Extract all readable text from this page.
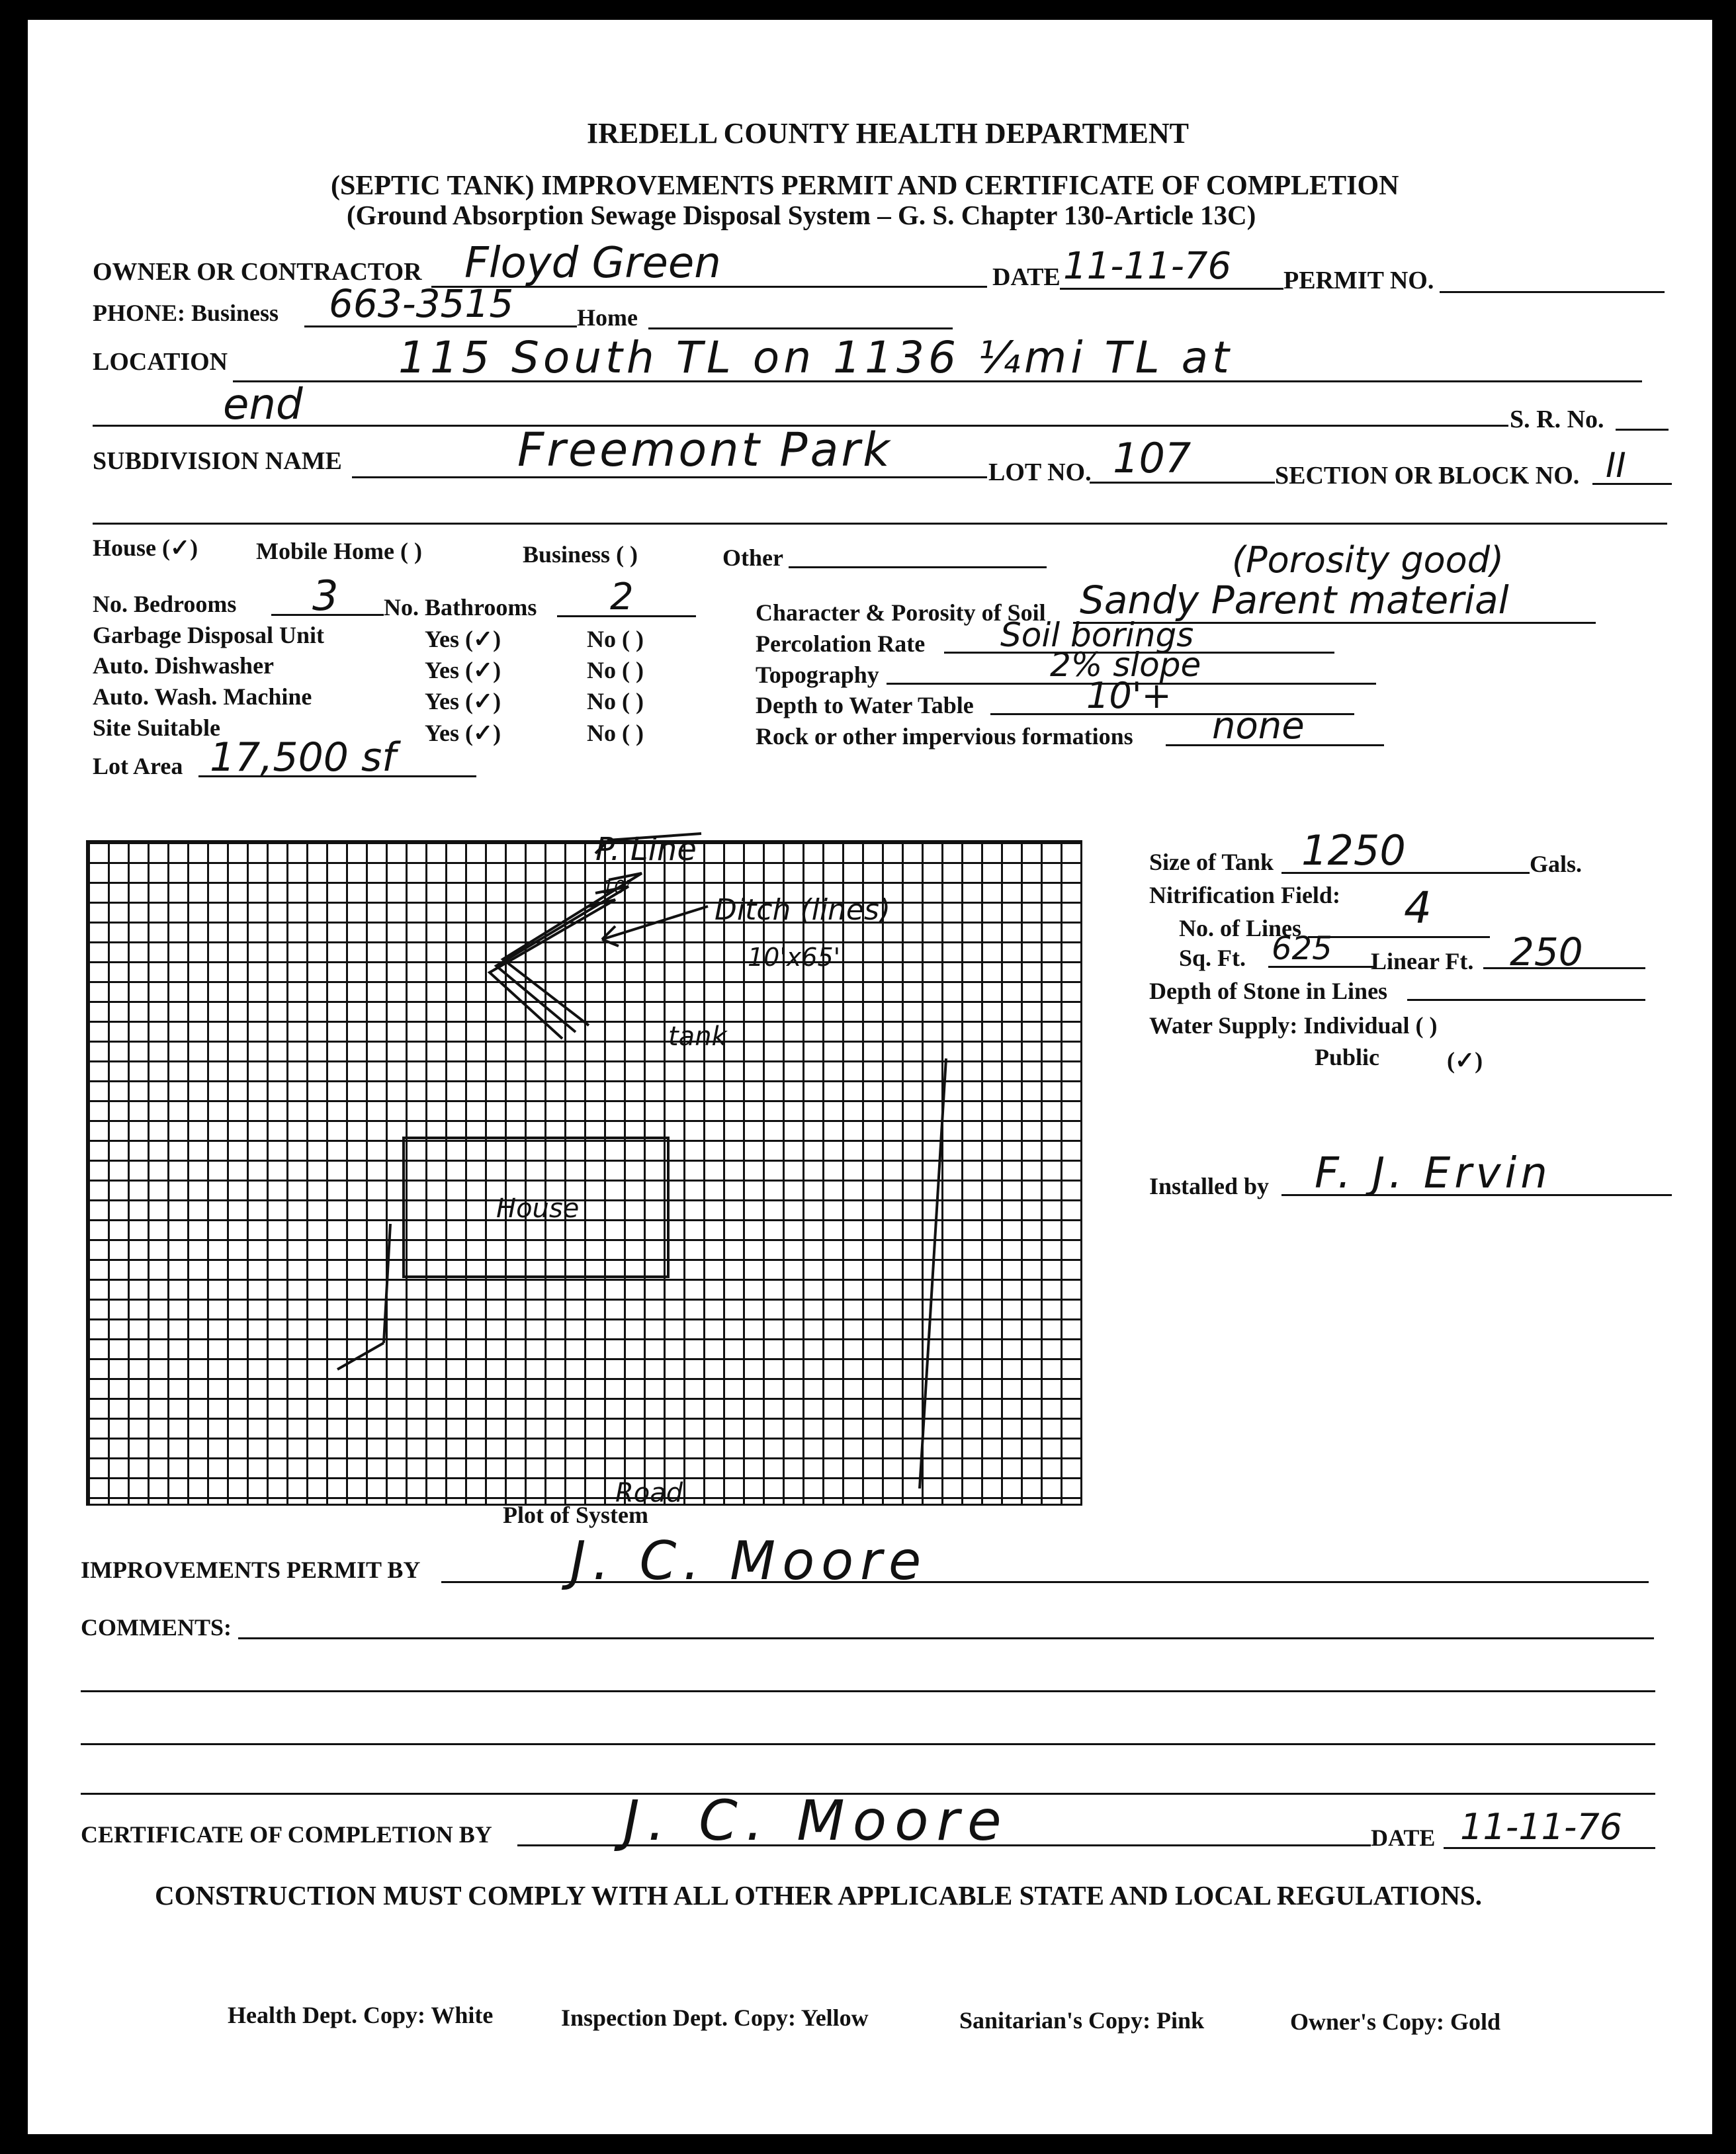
IREDELL COUNTY HEALTH DEPARTMENT
(SEPTIC TANK) IMPROVEMENTS PERMIT AND CERTIFICATE OF COMPLETION
(Ground Absorption Sewage Disposal System – G. S. Chapter 130-Article 13C)
OWNER OR CONTRACTOR Floyd Green	DATE 11-11-76 PERMIT NO.
PHONE: Business 663-3515	Home
LOCATION	115 South TL on 1136 ¼mi TL at
end	S. R. No.
SUBDIVISION NAME	Freemont Park	LOT NO. 107	SECTION OR BLOCK NO. II
House (✓) Mobile Home ( )	Business ( )	Other
No. Bedrooms 3 No. Bathrooms 2
Garbage Disposal Unit	Yes (✓)	No ( )
Auto. Dishwasher	Yes (✓)	No ( )
Auto. Wash. Machine	Yes (✓)	No ( )
Site Suitable	Yes (✓)	No ( )
Lot Area 17,500 sf
(Porosity good)
Character & Porosity of Soil Sandy Parent material
Percolation Rate Soil borings
Topography	2% slope
Depth to Water Table	10'+
Rock or other impervious formations none
P. Line
10'
Ditch (lines)
10'x65'
tank
House
Road
Plot of System
Size of Tank 1250	Gals.
Nitrification Field:
No. of Lines 4
Sq. Ft. 625 Linear Ft. 250
Depth of Stone in Lines
Water Supply: Individual ( )
Public	(✓)
Installed by F. J. Ervin
IMPROVEMENTS PERMIT BY	J. C. Moore
COMMENTS:
CERTIFICATE OF COMPLETION BY J. C. Moore	DATE 11-11-76
CONSTRUCTION MUST COMPLY WITH ALL OTHER APPLICABLE STATE AND LOCAL REGULATIONS.
Health Dept. Copy: White	Inspection Dept. Copy: Yellow	Sanitarian's Copy: Pink	Owner's Copy: Gold
